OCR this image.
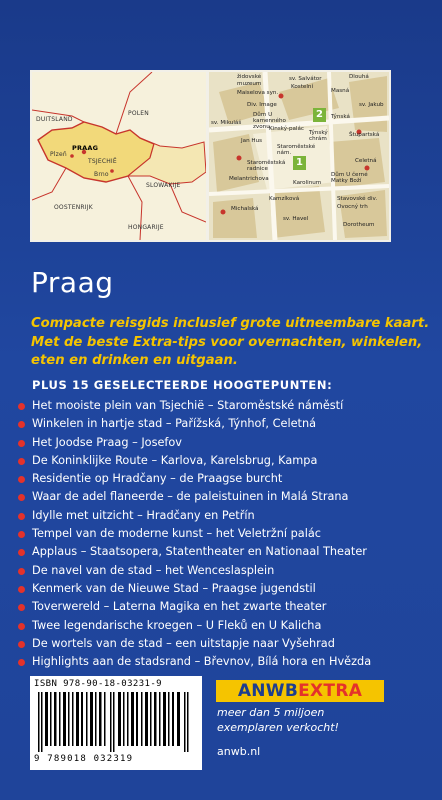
DUITSLAND
POLEN
PRAAG
Plzeň
TSJECHIË
Brno
SLOWAKIJE
OOSTENRIJK
HONGARIJE
židovské	sv. Salvátor
muzeum	Kostelní
Maiselova syn.	Masná
Div. Image
Dům U kamenného zvonu
Týnský chrám
sv. Mikuláš
Jan Hus
Kinský-palác
Staroměstské nám.
Staroměstská radnice
Dům U černé Matky Boží
Karolinum
Stavovské div.
Ovocný trh
sv. Havel
Dorotheum
Týnská
Štupartská
Melantrichova
Michalská
Celetná
Kamzíková
sv. Jakub
Dlouhá
2
1
Praag
Compacte reisgids inclusief grote uitneembare kaart.
Met de beste Extra-tips voor overnachten, winkelen,
eten en drinken en uitgaan.
PLUS 15 GESELECTEERDE HOOGTEPUNTEN:
Het mooiste plein van Tsjechië – Staroměstské náměstí
Winkelen in hartje stad – Pařížská, Týnhof, Celetná
Het Joodse Praag – Josefov
De Koninklijke Route – Karlova, Karelsbrug, Kampa
Residentie op Hradčany – de Praagse burcht
Waar de adel flaneerde – de paleistuinen in Malá Strana
Idylle met uitzicht – Hradčany en Petřín
Tempel van de moderne kunst – het Veletržní palác
Applaus – Staatsopera, Statentheater en Nationaal Theater
De navel van de stad – het Wenceslasplein
Kenmerk van de Nieuwe Stad – Praagse jugendstil
Toverwereld – Laterna Magika en het zwarte theater
Twee legendarische kroegen – U Fleků en U Kalicha
De wortels van de stad – een uitstapje naar Vyšehrad
Highlights aan de stadsrand – Břevnov, Bílá hora en Hvězda
ISBN 978-90-18-03231-9
9 789018 032319
ANWBEXTRA
meer dan 5 miljoen
exemplaren verkocht!
anwb.nl
